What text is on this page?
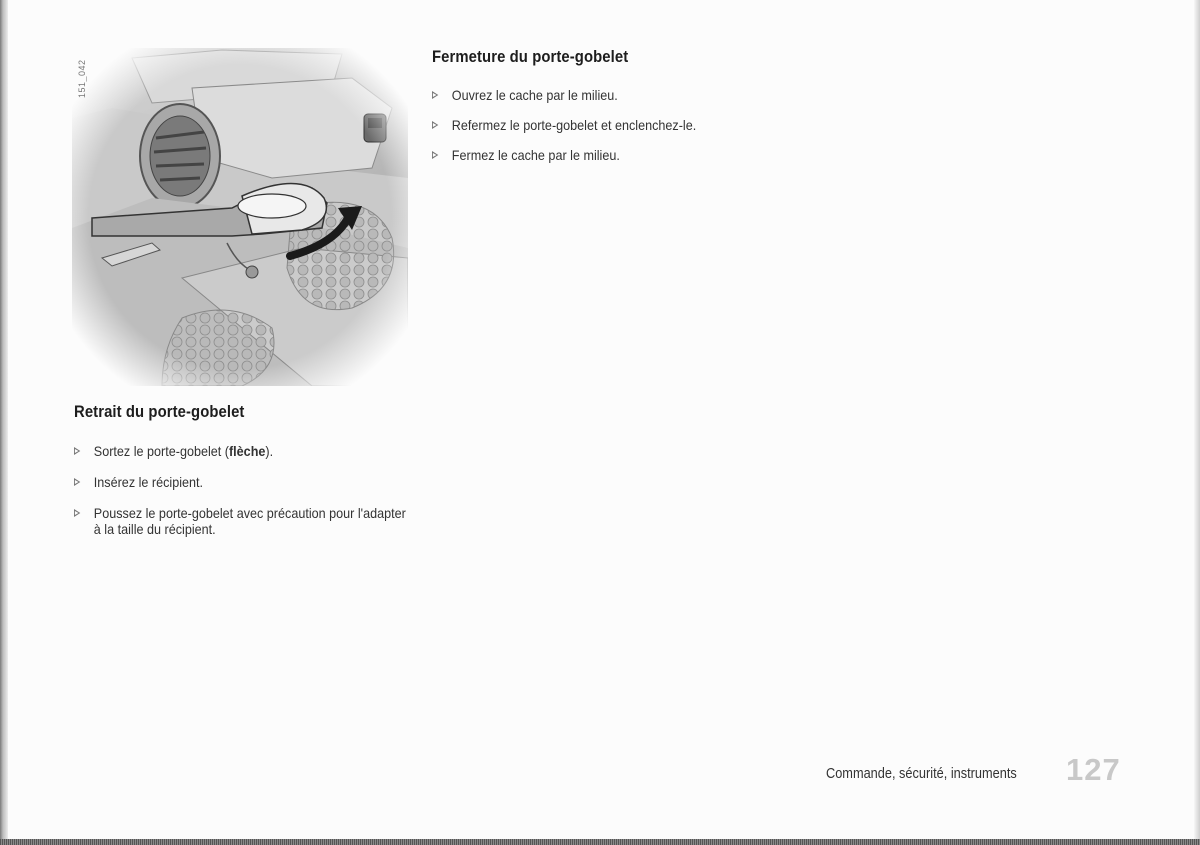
151_042
Fermeture du porte-gobelet
Ouvrez le cache par le milieu.
Refermez le porte-gobelet et enclenchez-le.
Fermez le cache par le milieu.
Retrait du porte-gobelet
Sortez le porte-gobelet (flèche).
Insérez le récipient.
Poussez le porte-gobelet avec précaution pour l'adapter à la taille du récipient.
Commande, sécurité, instruments 127
